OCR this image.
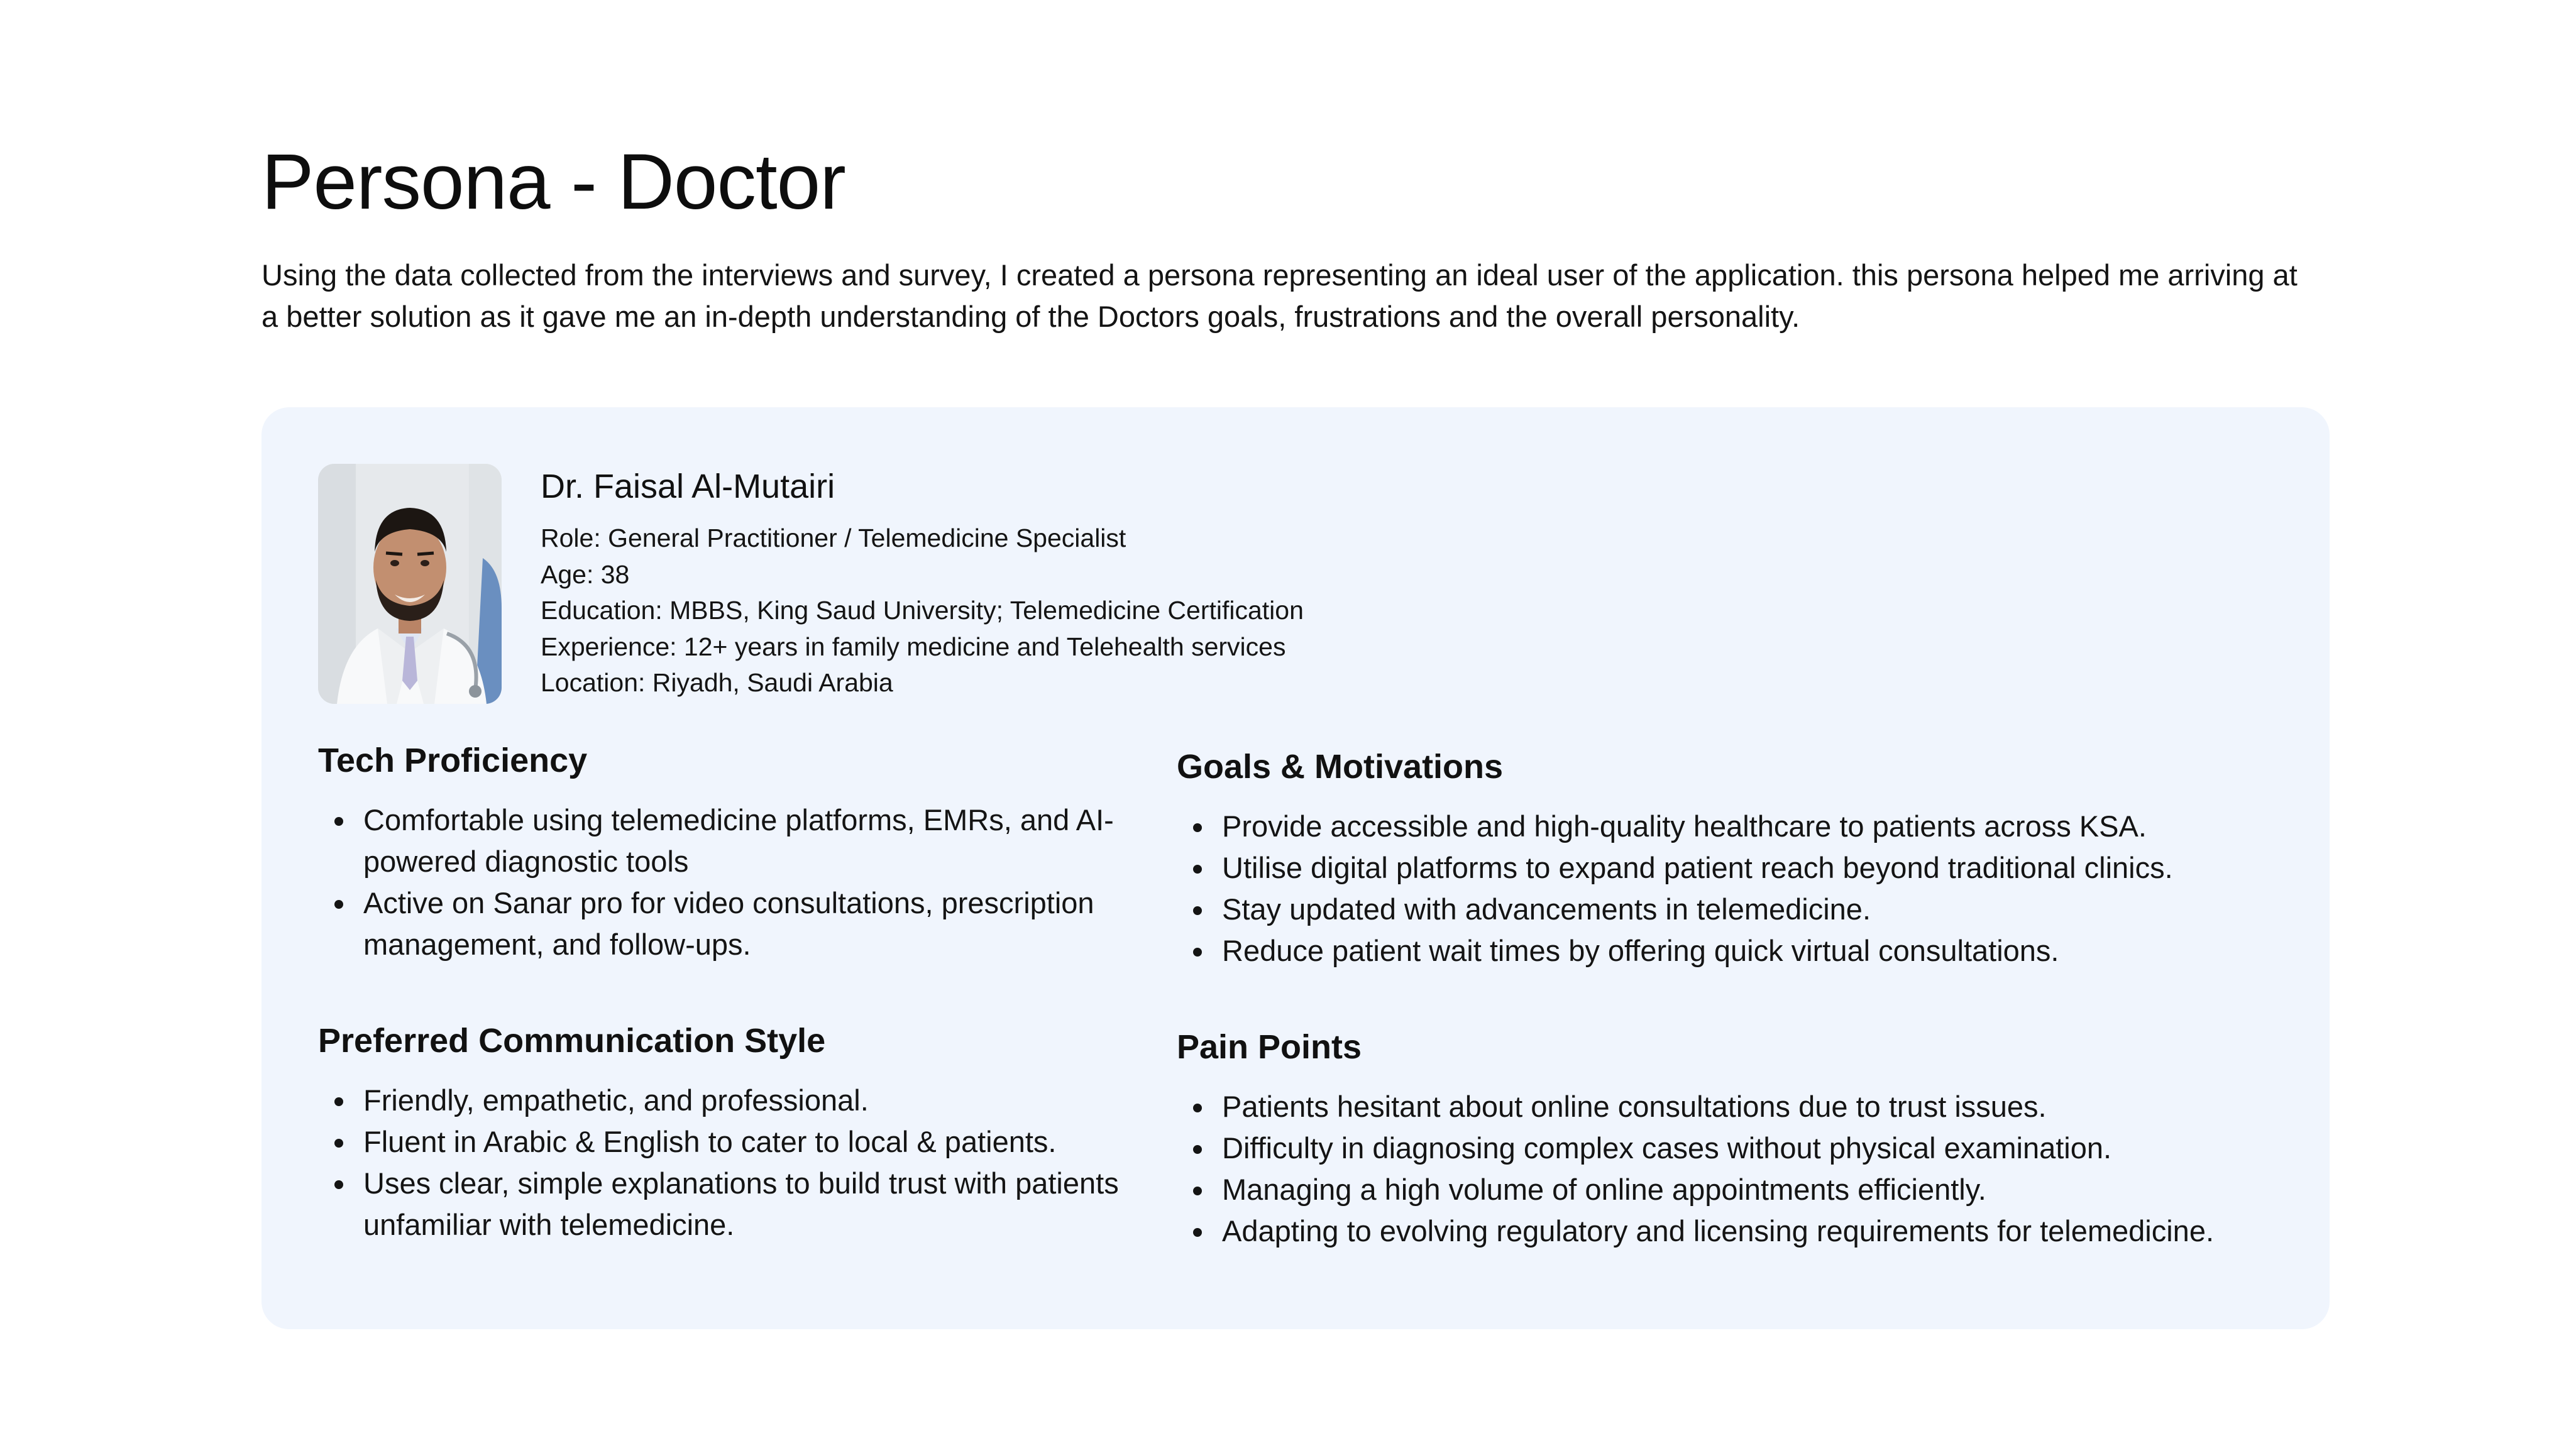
Persona - Doctor

Using the data collected from the interviews and survey, I created a persona representing an ideal user of the application. this persona helped me arriving at a better solution as it gave me an in-depth understanding of the Doctors goals, frustrations and the overall personality.

Dr. Faisal Al-Mutairi
Role: General Practitioner / Telemedicine Specialist
Age: 38
Education: MBBS, King Saud University; Telemedicine Certification
Experience: 12+ years in family medicine and Telehealth services
Location: Riyadh, Saudi Arabia
Tech Proficiency
Comfortable using telemedicine platforms, EMRs, and AI-powered diagnostic tools
Active on Sanar pro for video consultations, prescription management, and follow-ups.
Preferred Communication Style
Friendly, empathetic, and professional.
Fluent in Arabic & English to cater to local & patients.
Uses clear, simple explanations to build trust with patients unfamiliar with telemedicine.
Goals & Motivations
Provide accessible and high-quality healthcare to patients across KSA.
Utilise digital platforms to expand patient reach beyond traditional clinics.
Stay updated with advancements in telemedicine.
Reduce patient wait times by offering quick virtual consultations.
Pain Points
Patients hesitant about online consultations due to trust issues.
Difficulty in diagnosing complex cases without physical examination.
Managing a high volume of online appointments efficiently.
Adapting to evolving regulatory and licensing requirements for telemedicine.
